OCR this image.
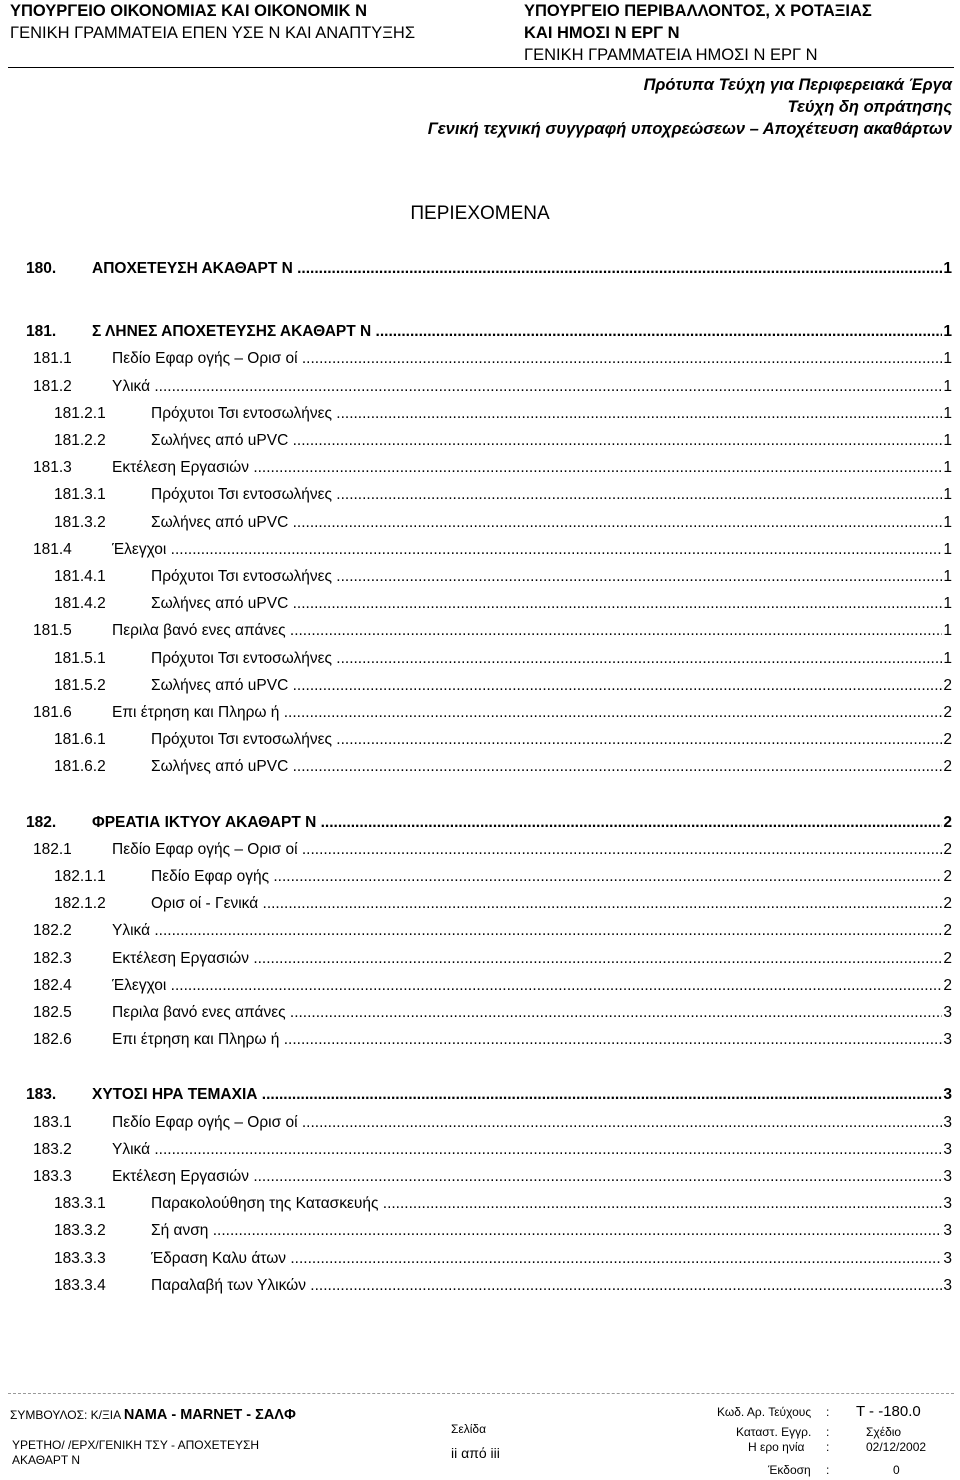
ΥΠΟΥΡΓΕΙΟ ΟΙΚΟΝΟΜΙΑΣ ΚΑΙ ΟΙΚΟΝΟΜΙΚ Ν
ΓΕΝΙΚΗ ΓΡΑΜΜΑΤΕΙΑ ΕΠΕΝ ΥΣΕ Ν ΚΑΙ ΑΝΑΠΤΥΞΗΣ
ΥΠΟΥΡΓΕΙΟ ΠΕΡΙΒΑΛΛΟΝΤΟΣ, Χ ΡΟΤΑΞΙΑΣ
ΚΑΙ ΗΜΟΣΙ Ν ΕΡΓ Ν
ΓΕΝΙΚΗ ΓΡΑΜΜΑΤΕΙΑ ΗΜΟΣΙ Ν ΕΡΓ Ν
Πρότυπα Τεύχη για Περιφερειακά Έργα
Τεύχη δη οπράτησης
Γενική τεχνική συγγραφή υποχρεώσεων – Αποχέτευση ακαθάρτων
ΠΕΡΙΕΧΟΜΕΝΑ
180. ΑΠΟΧΕΤΕΥΣΗ ΑΚΑΘΑΡΤ Ν .....	1
181. Σ ΛΗΝΕΣ ΑΠΟΧΕΤΕΥΣΗΣ ΑΚΑΘΑΡΤ Ν .....	1
181.1	Πεδίο Εφαρ ογής – Ορισ οί .....	1
181.2	Υλικά .....	1
181.2.1	Πρόχυτοι Τσι εντοσωλήνες .....	1
181.2.2	Σωλήνες από uPVC .....	1
181.3	Εκτέλεση Εργασιών .....	1
181.3.1	Πρόχυτοι Τσι εντοσωλήνες .....	1
181.3.2	Σωλήνες από uPVC .....	1
181.4	Έλεγχοι .....	1
181.4.1	Πρόχυτοι Τσι εντοσωλήνες .....	1
181.4.2	Σωλήνες από uPVC .....	1
181.5	Περιλα βανό ενες απάνες .....	1
181.5.1	Πρόχυτοι Τσι εντοσωλήνες .....	1
181.5.2	Σωλήνες από uPVC .....	2
181.6	Επι έτρηση και Πληρω ή .....	2
181.6.1	Πρόχυτοι Τσι εντοσωλήνες .....	2
181.6.2	Σωλήνες από uPVC .....	2
182. ΦΡΕΑΤΙΑ ΙΚΤΥΟΥ ΑΚΑΘΑΡΤ Ν .....	2
182.1	Πεδίο Εφαρ ογής – Ορισ οί .....	2
182.1.1	Πεδίο Εφαρ ογής .....	2
182.1.2	Ορισ οί - Γενικά .....	2
182.2	Υλικά .....	2
182.3	Εκτέλεση Εργασιών .....	2
182.4	Έλεγχοι .....	2
182.5	Περιλα βανό ενες απάνες .....	3
182.6	Επι έτρηση και Πληρω ή .....	3
183. ΧΥΤΟΣΙ ΗΡΑ ΤΕΜΑΧΙΑ .....	3
183.1	Πεδίο Εφαρ ογής – Ορισ οί .....	3
183.2	Υλικά .....	3
183.3	Εκτέλεση Εργασιών .....	3
183.3.1	Παρακολούθηση της Κατασκευής .....	3
183.3.2	Σή ανση .....	3
183.3.3	Έδραση Καλυ άτων .....	3
183.3.4	Παραλαβή των Υλικών .....	3
ΣΥΜΒΟΥΛΟΣ: Κ/ΞΙΑ ΝΑΜΑ - MARNET - ΣΑΛΦ
ΥΡΕΤΗΟ/ /ΕΡΧ/ΓΕΝΙΚΗ ΤΣΥ - ΑΠΟΧΕΤΕΥΣΗ
ΑΚΑΘΑΡΤ Ν
Σελίδα
ii από iii
Κωδ. Αρ. Τεύχους : Τ - -180.0
Καταστ. Εγγρ. :	Σχέδιο
Η ερο ηνία :	02/12/2002
Έκδοση :	0
